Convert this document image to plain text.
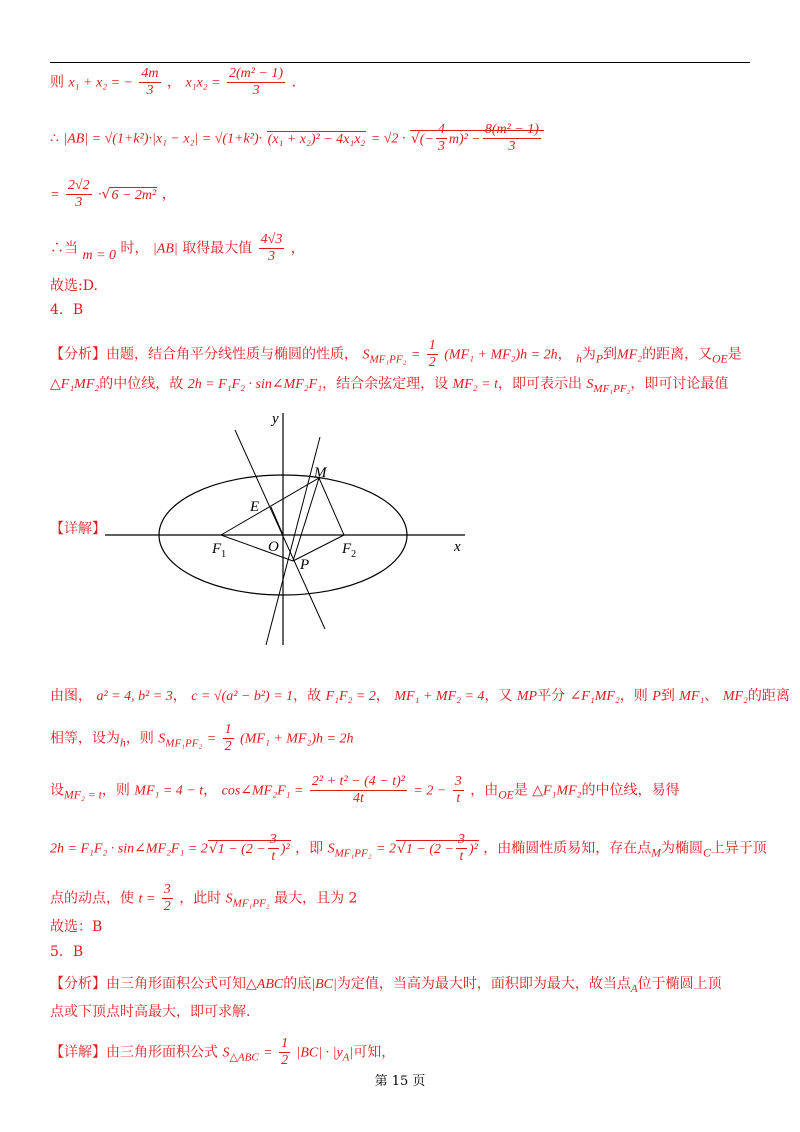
则 x₁ + x₂ = − $\frac{4m}{3}$ ， $x_1x_2 = \frac{\text{2(m² − 1)}}{3}$ .
∴ |AB| = √(1+k²)·|x₁ − x₂| = √(1+k²)· (x₁ + x₂)² − 4x₁x₂ = √2 · √(− $\frac{4}{3} m)^2 - \frac{\text{8(m² − 1)}}{3}$
= $\frac{2√2}{3} \cdot√6 - 2m^2$ ，
∴当 m = 0 时， |AB| 取得最大值 $\frac{4√3}{3}$ ，
故选:D.
4．B
【分析】由题，结合角平分线性质与椭圆的性质， $S_{MF_1PF_2} = \frac{1}{2} (MF_1 + MF_2)h = 2h$， $_h$为$_P$到MF₂的距离，又$_{OE}$是
△F₁MF₂的中位线，故 2h = F₁F₂ · sin∠MF₂F₁，结合余弦定理，设 MF₂ = t，即可表示出 $S_{MF_1PF_2}$，即可讨论最值
【详解】
y
x
M
E
O
$F_1$	$F_2$
P
由图， a² = 4, b² = 3， c = √(a² − b²) = 1，故 F₁F₂ = 2， MF₁ + MF₂ = 4，又 MP平分 ∠F₁MF₂，则 P到 MF₁、 MF₂的距离
相等，设为$_h$，则 $S_{MF_1PF_2} = \frac{1}{2} (MF_1 + MF_2)h = 2h$
设$_{MF_2 = t}$，则 MF₁ = 4 − t， cos∠MF₂F₁ = $\frac{\text{2² + t² − (4 − t)²}}{4t} = 2 - \frac{3}{t}$ ，由$_{OE}$是 △F₁MF₂的中位线，易得
2h = F₁F₂ · sin∠MF₂F₁ = $2√1 - (2 - \frac{3}{t} )^2$ ，即 $S_{MF_1PF_2} = 2√1 - (2 - \frac{3}{t} )^2$ ，由椭圆性质易知，存在点$_M$为椭圆$_C$上异于顶
点的动点，使 $t = \frac{3}{2}$ ，此时 $S_{MF_1PF_2}$ 最大，且为 2
故选：B
5．B
【分析】由三角形面积公式可知△ABC的底|BC|为定值，当高为最大时，面积即为最大，故当点$_A$位于椭圆上顶
点或下顶点时高最大，即可求解.
【详解】由三角形面积公式 $S_{\triangle ABC} = \frac{1}{2} |BC| \cdot |y_A|$可知，
第 15 页
